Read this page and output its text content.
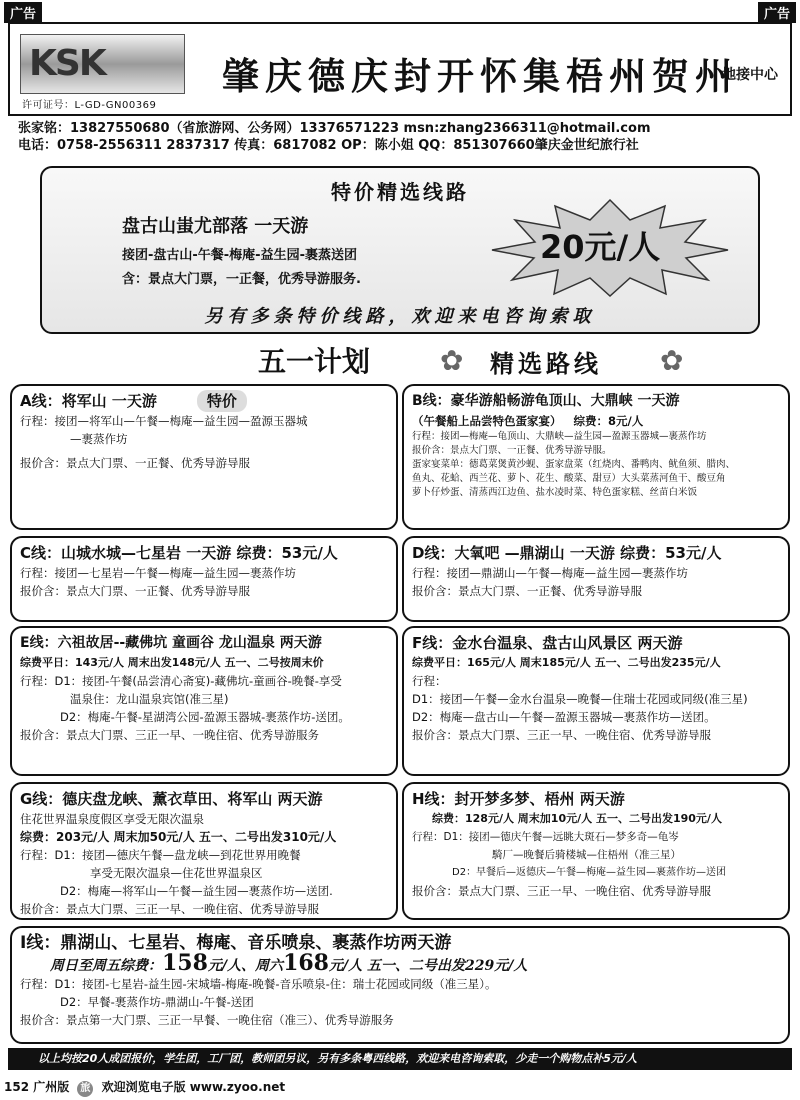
广告	广告
KSK
许可证号：L-GD-GN00369
肇庆德庆封开怀集梧州贺州
地接中心
张家铭：13827550680（省旅游网、公务网）13376571223 msn:zhang2366311@hotmail.com
电话：0758-2556311 2837317 传真：6817082 OP：陈小姐 QQ：851307660肇庆金世纪旅行社
特价精选线路
盘古山蚩尤部落 一天游
接团-盘古山-午餐-梅庵-益生园-裹蒸送团
含：景点大门票，一正餐，优秀导游服务.
20元/人
另有多条特价线路，欢迎来电咨询索取
五一计划 ✿ 精选路线 ✿
A线：将军山 一天游	特价
行程：接团—将军山—午餐—梅庵—益生园—盈源玉器城
—裹蒸作坊
报价含：景点大门票、一正餐、优秀导游导服
B线：豪华游船畅游龟顶山、大鼎峡 一天游
（午餐船上品尝特色蛋家宴） 综费：8元/人
行程：接团—梅庵—龟顶山、大鼎峡—益生园—盈源玉器城—裹蒸作坊
报价含：景点大门票、一正餐、优秀导游导服。
蛋家宴菜单：德葛菜煲黄沙蚬、蛋家盘菜（红烧肉、番鸭肉、鱿鱼须、腊肉、
鱼丸、花蛤、西兰花、萝卜、花生、酸菜、甜豆）大头菜蒸河鱼干、酸豆角
萝卜仔炒蛋、清蒸西江边鱼、盐水凌时菜、特色蛋家糕、丝苗白米饭
C线：山城水城—七星岩 一天游 综费：53元/人
行程：接团—七星岩—午餐—梅庵—益生园—裹蒸作坊
报价含：景点大门票、一正餐、优秀导游导服
D线：大氧吧 —鼎湖山 一天游 综费：53元/人
行程：接团—鼎湖山—午餐—梅庵—益生园—裹蒸作坊
报价含：景点大门票、一正餐、优秀导游导服
E线：六祖故居--藏佛坑 童画谷 龙山温泉 两天游
综费平日：143元/人 周末出发148元/人 五一、二号按周末价
行程：D1：接团-午餐(品尝清心斋宴)-藏佛坑-童画谷-晚餐-享受
温泉住：龙山温泉宾馆(准三星)
D2：梅庵-午餐-星湖湾公园-盈源玉器城-裹蒸作坊-送团。
报价含：景点大门票、三正一早、一晚住宿、优秀导游服务
F线：金水台温泉、盘古山风景区 两天游
综费平日：165元/人 周末185元/人 五一、二号出发235元/人
行程：
D1：接团—午餐—金水台温泉—晚餐—住瑞士花园或同级(准三星)
D2：梅庵—盘古山—午餐—盈源玉器城—裹蒸作坊—送团。
报价含：景点大门票、三正一早、一晚住宿、优秀导游导服
G线：德庆盘龙峡、薰衣草田、将军山 两天游
住花世界温泉度假区享受无限次温泉
综费：203元/人 周末加50元/人 五一、二号出发310元/人
行程：D1：接团—德庆午餐—盘龙峡—到花世界用晚餐
享受无限次温泉—住花世界温泉区
D2：梅庵—将军山—午餐—益生园—裹蒸作坊—送团.
报价含：景点大门票、三正一早、一晚住宿、优秀导游导服
H线：封开梦多梦、梧州 两天游
综费：128元/人 周末加10元/人 五一、二号出发190元/人
行程：D1：接团—德庆午餐—远眺大斑石—梦多奇—龟岑
騎厂—晚餐后骑楼城—住梧州（准三星）
D2：早餐后—返德庆—午餐—梅庵—益生园—裹蒸作坊—送团
报价含：景点大门票、三正一早、一晚住宿、优秀导游导服
I线：鼎湖山、七星岩、梅庵、音乐喷泉、裹蒸作坊两天游
周日至周五综费：158元/人、周六168元/人 五一、二号出发229元/人
行程：D1：接团-七星岩-益生园-宋城墙-梅庵-晚餐-音乐喷泉-住：瑞士花园或同级（准三星）。
D2：早餐-裹蒸作坊-鼎湖山-午餐-送团
报价含：景点第一大门票、三正一早餐、一晚住宿（准三）、优秀导游服务
以上均按20人成团报价，学生团，工厂团，教师团另议，另有多条粤西线路，欢迎来电咨询索取，少走一个购物点补5元/人
152 广州版 旅 欢迎浏览电子版 www.zyoo.net
